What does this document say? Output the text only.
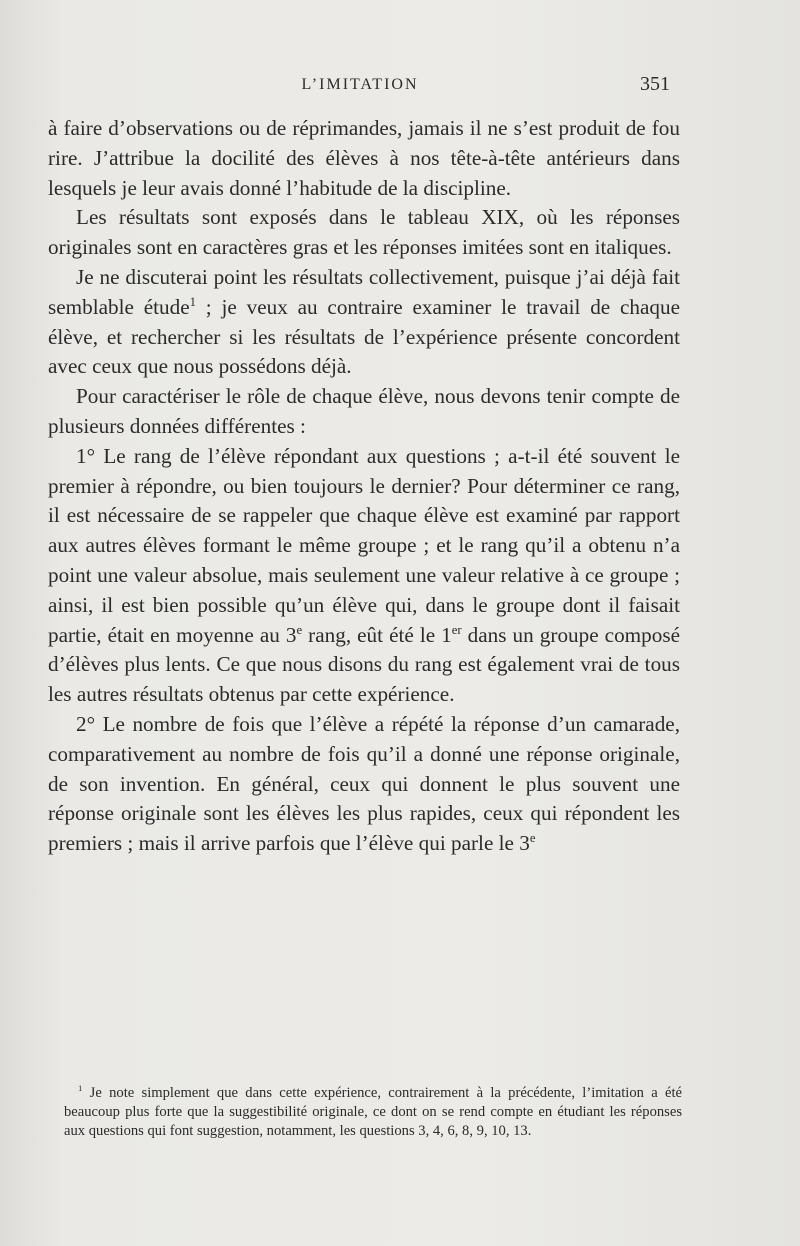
L’IMITATION	351

à faire d’observations ou de réprimandes, jamais il ne s’est produit de fou rire. J’attribue la docilité des élèves à nos tête-à-tête antérieurs dans lesquels je leur avais donné l’habitude de la discipline.

Les résultats sont exposés dans le tableau XIX, où les réponses originales sont en caractères gras et les réponses imitées sont en italiques.

Je ne discuterai point les résultats collectivement, puisque j’ai déjà fait semblable étude$^1$ ; je veux au contraire examiner le travail de chaque élève, et rechercher si les résultats de l’expérience présente concordent avec ceux que nous possédons déjà.

Pour caractériser le rôle de chaque élève, nous devons tenir compte de plusieurs données différentes :

1° Le rang de l’élève répondant aux questions ; a-t-il été souvent le premier à répondre, ou bien toujours le dernier? Pour déterminer ce rang, il est nécessaire de se rappeler que chaque élève est examiné par rapport aux autres élèves formant le même groupe ; et le rang qu’il a obtenu n’a point une valeur absolue, mais seulement une valeur relative à ce groupe ; ainsi, il est bien possible qu’un élève qui, dans le groupe dont il faisait partie, était en moyenne au 3e rang, eût été le 1er dans un groupe composé d’élèves plus lents. Ce que nous disons du rang est également vrai de tous les autres résultats obtenus par cette expérience.

2° Le nombre de fois que l’élève a répété la réponse d’un camarade, comparativement au nombre de fois qu’il a donné une réponse originale, de son invention. En général, ceux qui donnent le plus souvent une réponse originale sont les élèves les plus rapides, ceux qui répondent les premiers ; mais il arrive parfois que l’élève qui parle le 3e

$^1$ Je note simplement que dans cette expérience, contrairement à la précédente, l’imitation a été beaucoup plus forte que la suggestibilité originale, ce dont on se rend compte en étudiant les réponses aux questions qui font suggestion, notamment, les questions 3, 4, 6, 8, 9, 10, 13.
